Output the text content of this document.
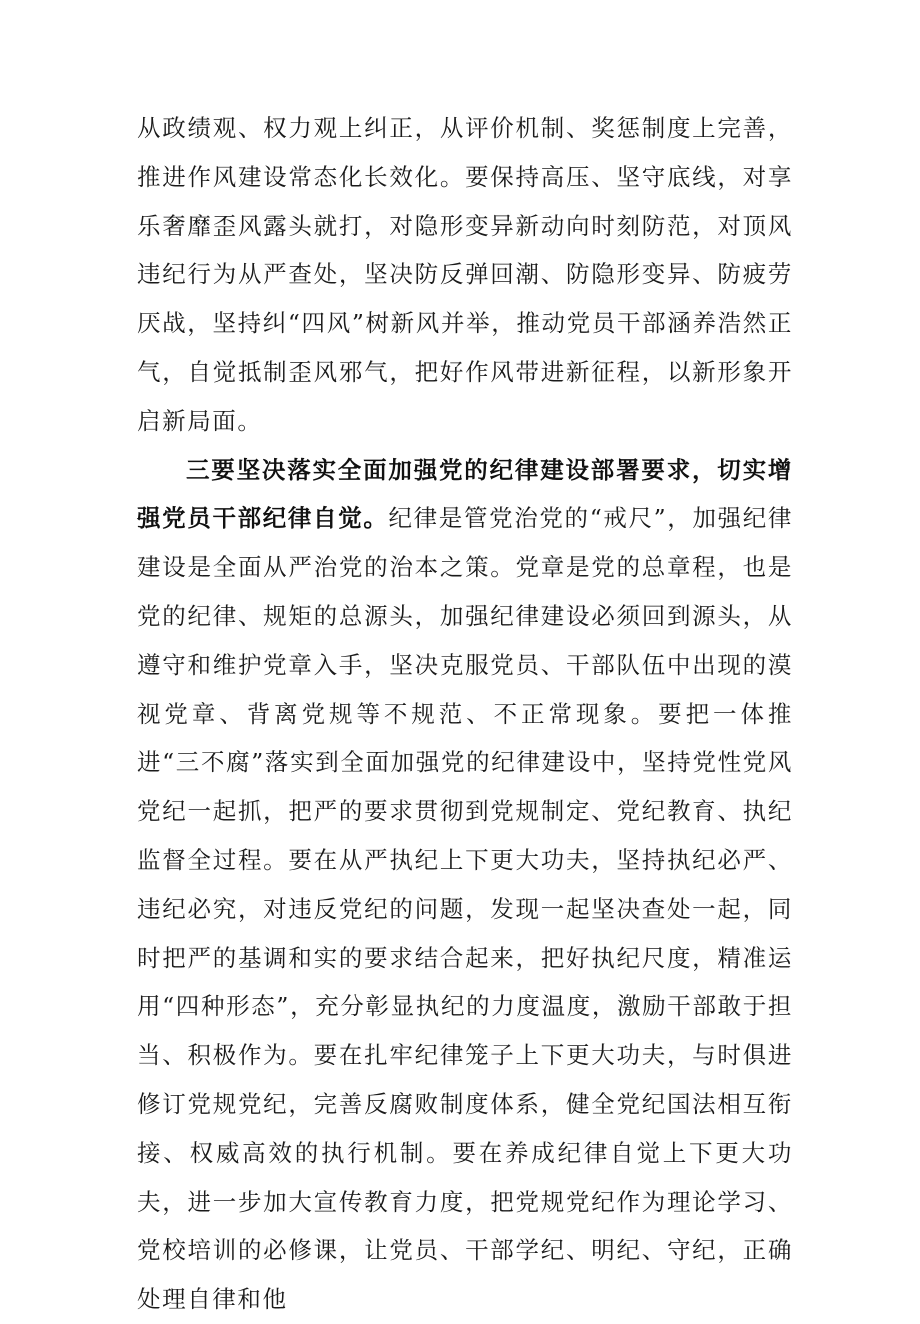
从政绩观、权力观上纠正，从评价机制、奖惩制度上完善，推进作风建设常态化长效化。要保持高压、坚守底线，对享乐奢靡歪风露头就打，对隐形变异新动向时刻防范，对顶风违纪行为从严查处，坚决防反弹回潮、防隐形变异、防疲劳厌战，坚持纠“四风”树新风并举，推动党员干部涵养浩然正气，自觉抵制歪风邪气，把好作风带进新征程，以新形象开启新局面。

三要坚决落实全面加强党的纪律建设部署要求，切实增强党员干部纪律自觉。纪律是管党治党的“戒尺”，加强纪律建设是全面从严治党的治本之策。党章是党的总章程，也是党的纪律、规矩的总源头，加强纪律建设必须回到源头，从遵守和维护党章入手，坚决克服党员、干部队伍中出现的漠视党章、背离党规等不规范、不正常现象。要把一体推进“三不腐”落实到全面加强党的纪律建设中，坚持党性党风党纪一起抓，把严的要求贯彻到党规制定、党纪教育、执纪监督全过程。要在从严执纪上下更大功夫，坚持执纪必严、违纪必究，对违反党纪的问题，发现一起坚决查处一起，同时把严的基调和实的要求结合起来，把好执纪尺度，精准运用“四种形态”，充分彰显执纪的力度温度，激励干部敢于担当、积极作为。要在扎牢纪律笼子上下更大功夫，与时俱进修订党规党纪，完善反腐败制度体系，健全党纪国法相互衔接、权威高效的执行机制。要在养成纪律自觉上下更大功夫，进一步加大宣传教育力度，把党规党纪作为理论学习、党校培训的必修课，让党员、干部学纪、明纪、守纪，正确处理自律和他
